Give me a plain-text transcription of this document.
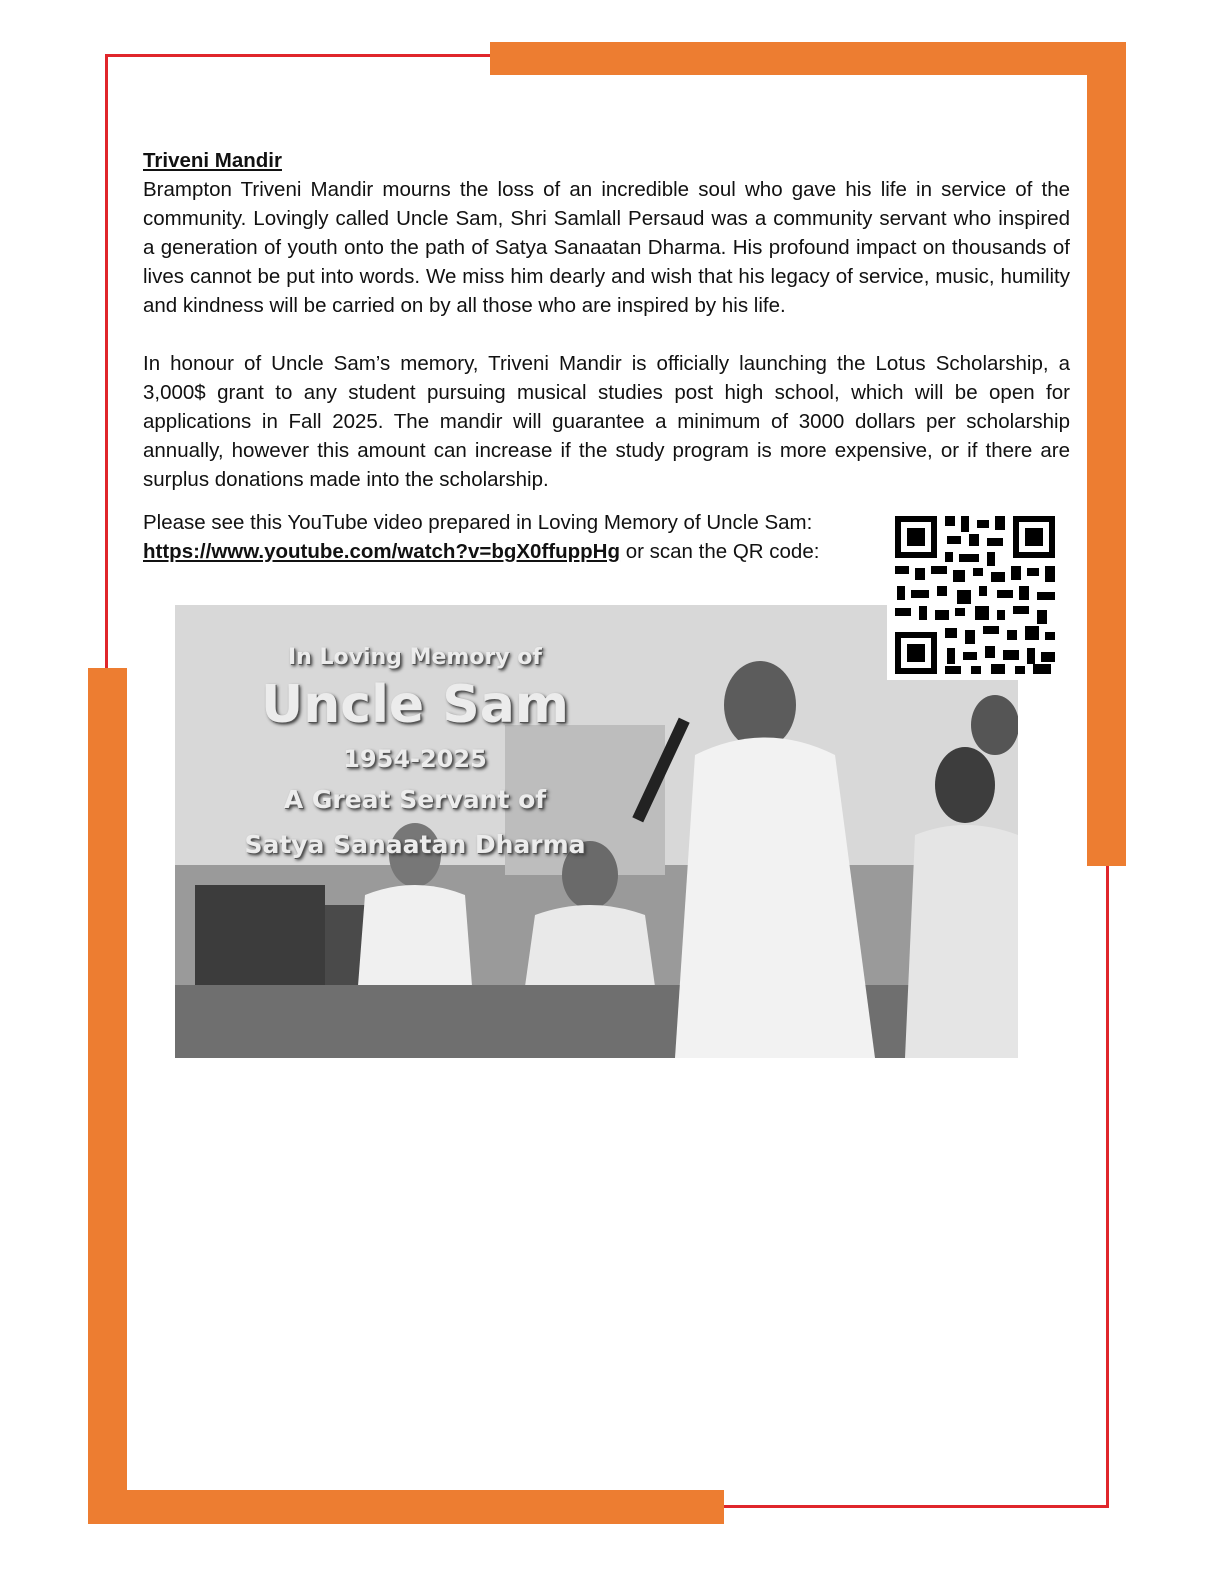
Triveni Mandir

Brampton Triveni Mandir mourns the loss of an incredible soul who gave his life in service of the community. Lovingly called Uncle Sam, Shri Samlall Persaud was a community servant who inspired a generation of youth onto the path of Satya Sanaatan Dharma. His profound impact on thousands of lives cannot be put into words. We miss him dearly and wish that his legacy of service, music, humility and kindness will be carried on by all those who are inspired by his life.

In honour of Uncle Sam’s memory, Triveni Mandir is officially launching the Lotus Scholarship, a 3,000$ grant to any student pursuing musical studies post high school, which will be open for applications in Fall 2025. The mandir will guarantee a minimum of 3000 dollars per scholarship annually, however this amount can increase if the study program is more expensive, or if there are surplus donations made into the scholarship.

Please see this YouTube video prepared in Loving Memory of Uncle Sam:
https://www.youtube.com/watch?v=bgX0ffuppHg or scan the QR code:

In Loving Memory of
Uncle Sam
1954-2025
A Great Servant of
Satya Sanaatan Dharma
